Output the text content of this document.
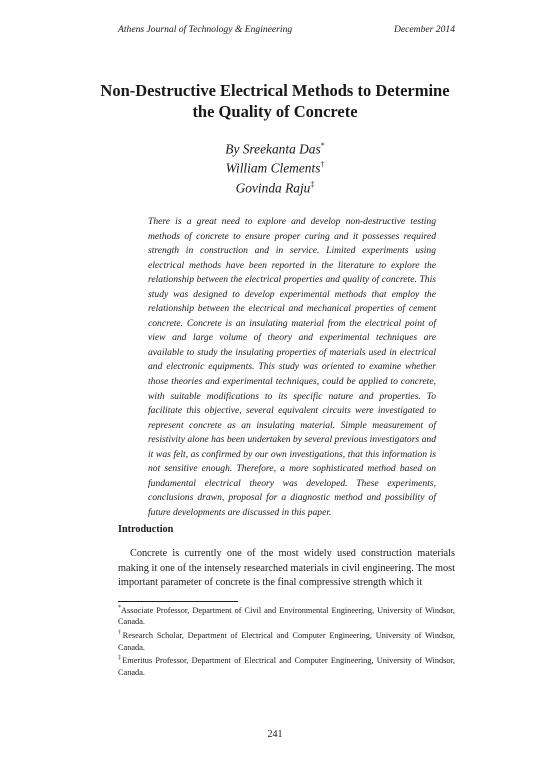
Athens Journal of Technology & Engineering	December 2014
Non-Destructive Electrical Methods to Determine
the Quality of Concrete
By Sreekanta Das*
William Clements†
Govinda Raju‡
There is a great need to explore and develop non-destructive testing methods of concrete to ensure proper curing and it possesses required strength in construction and in service. Limited experiments using electrical methods have been reported in the literature to explore the relationship between the electrical properties and quality of concrete. This study was designed to develop experimental methods that employ the relationship between the electrical and mechanical properties of cement concrete. Concrete is an insulating material from the electrical point of view and large volume of theory and experimental techniques are available to study the insulating properties of materials used in electrical and electronic equipments. This study was oriented to examine whether those theories and experimental techniques, could be applied to concrete, with suitable modifications to its specific nature and properties. To facilitate this objective, several equivalent circuits were investigated to represent concrete as an insulating material. Simple measurement of resistivity alone has been undertaken by several previous investigators and it was felt, as confirmed by our own investigations, that this information is not sensitive enough. Therefore, a more sophisticated method based on fundamental electrical theory was developed. These experiments, conclusions drawn, proposal for a diagnostic method and possibility of future developments are discussed in this paper.
Introduction
Concrete is currently one of the most widely used construction materials making it one of the intensely researched materials in civil engineering. The most important parameter of concrete is the final compressive strength which it

*Associate Professor, Department of Civil and Environmental Engineering, University of Windsor, Canada.

†Research Scholar, Department of Electrical and Computer Engineering, University of Windsor, Canada.

‡Emeritus Professor, Department of Electrical and Computer Engineering, University of Windsor, Canada.

241
